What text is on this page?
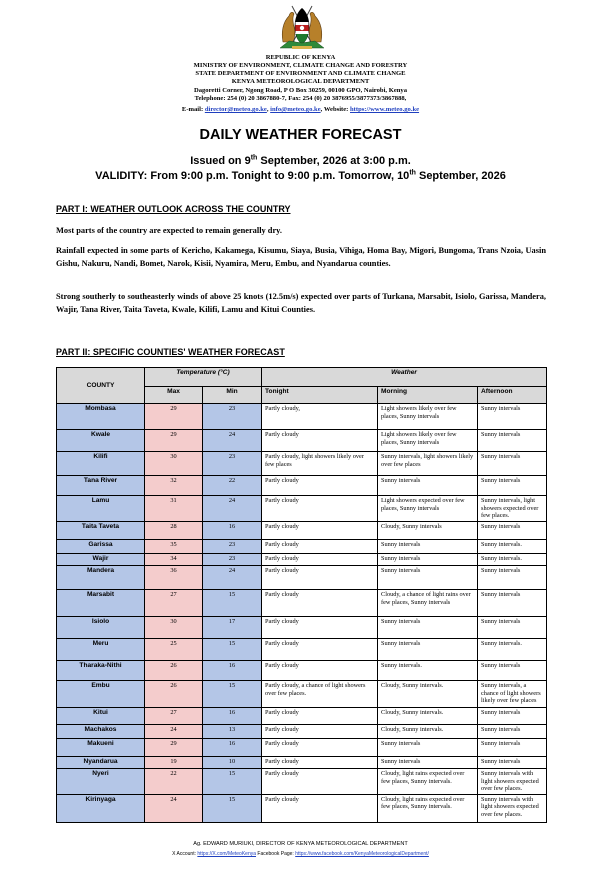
REPUBLIC OF KENYA
MINISTRY OF ENVIRONMENT, CLIMATE CHANGE AND FORESTRY
STATE DEPARTMENT OF ENVIRONMENT AND CLIMATE CHANGE
KENYA METEOROLOGICAL DEPARTMENT
Dagoretti Corner, Ngong Road, P O Box 30259, 00100 GPO, Nairobi, Kenya
Telephone: 254 (0) 20 3867880-7, Fax: 254 (0) 20 3876955/3877373/3867888,
E-mail: director@meteo.go.ke, info@meteo.go.ke, Website: https://www.meteo.go.ke
DAILY WEATHER FORECAST
Issued on 9th September, 2026 at 3:00 p.m.
VALIDITY: From 9:00 p.m. Tonight to 9:00 p.m. Tomorrow, 10th September, 2026
PART I: WEATHER OUTLOOK ACROSS THE COUNTRY
Most parts of the country are expected to remain generally dry.
Rainfall expected in some parts of Kericho, Kakamega, Kisumu, Siaya, Busia, Vihiga, Homa Bay, Migori, Bungoma, Trans Nzoia, Uasin Gishu, Nakuru, Nandi, Bomet, Narok, Kisii, Nyamira, Meru, Embu, and Nyandarua counties.
Strong southerly to southeasterly winds of above 25 knots (12.5m/s) expected over parts of Turkana, Marsabit, Isiolo, Garissa, Mandera, Wajir, Tana River, Taita Taveta, Kwale, Kilifi, Lamu and Kitui Counties.
PART II: SPECIFIC COUNTIES' WEATHER FORECAST
COUNTY	Temperature (°C)		Weather		
	Max	Min	Tonight	Morning	Afternoon
Mombasa	29	23	Partly cloudy,	Light showers likely over few places, Sunny intervals	Sunny intervals
Kwale	29	24	Partly cloudy	Light showers likely over few places, Sunny intervals	Sunny intervals
Kilifi	30	23	Partly cloudy, light showers likely over few places	Sunny intervals, light showers likely over few places	Sunny intervals
Tana River	32	22	Partly cloudy	Sunny intervals	Sunny intervals
Lamu	31	24	Partly cloudy	Light showers expected over few places, Sunny intervals	Sunny intervals, light showers expected over few places.
Taita Taveta	28	16	Partly cloudy	Cloudy, Sunny intervals	Sunny intervals
Garissa	35	23	Partly cloudy	Sunny intervals	Sunny intervals.
Wajir	34	23	Partly cloudy	Sunny intervals	Sunny intervals.
Mandera	36	24	Partly cloudy	Sunny intervals	Sunny intervals
Marsabit	27	15	Partly cloudy	Cloudy, a chance of light rains over few places, Sunny intervals	Sunny intervals
Isiolo	30	17	Partly cloudy	Sunny intervals	Sunny intervals
Meru	25	15	Partly cloudy	Sunny intervals	Sunny intervals.
Tharaka-Nithi	26	16	Partly cloudy	Sunny intervals.	Sunny intervals
Embu	26	15	Partly cloudy, a chance of light showers over few places.	Cloudy, Sunny intervals.	Sunny intervals, a chance of light showers likely over few places
Kitui	27	16	Partly cloudy	Cloudy, Sunny intervals.	Sunny intervals
Machakos	24	13	Partly cloudy	Cloudy, Sunny intervals.	Sunny intervals
Makueni	29	16	Partly cloudy	Sunny intervals	Sunny intervals
Nyandarua	19	10	Partly cloudy	Sunny intervals	Sunny intervals
Nyeri	22	15	Partly cloudy	Cloudy, light rains expected over few places, Sunny intervals.	Sunny intervals with light showers expected over few places.
Kirinyaga	24	15	Partly cloudy	Cloudy, light rains expected over few places, Sunny intervals.	Sunny intervals with light showers expected over few places.
Ag. EDWARD MURIUKI, DIRECTOR OF KENYA METEOROLOGICAL DEPARTMENT
X Account: https://X.com/MeteoKenya Facebook Page: https://www.facebook.com/KenyaMeteorologicalDepartment/
